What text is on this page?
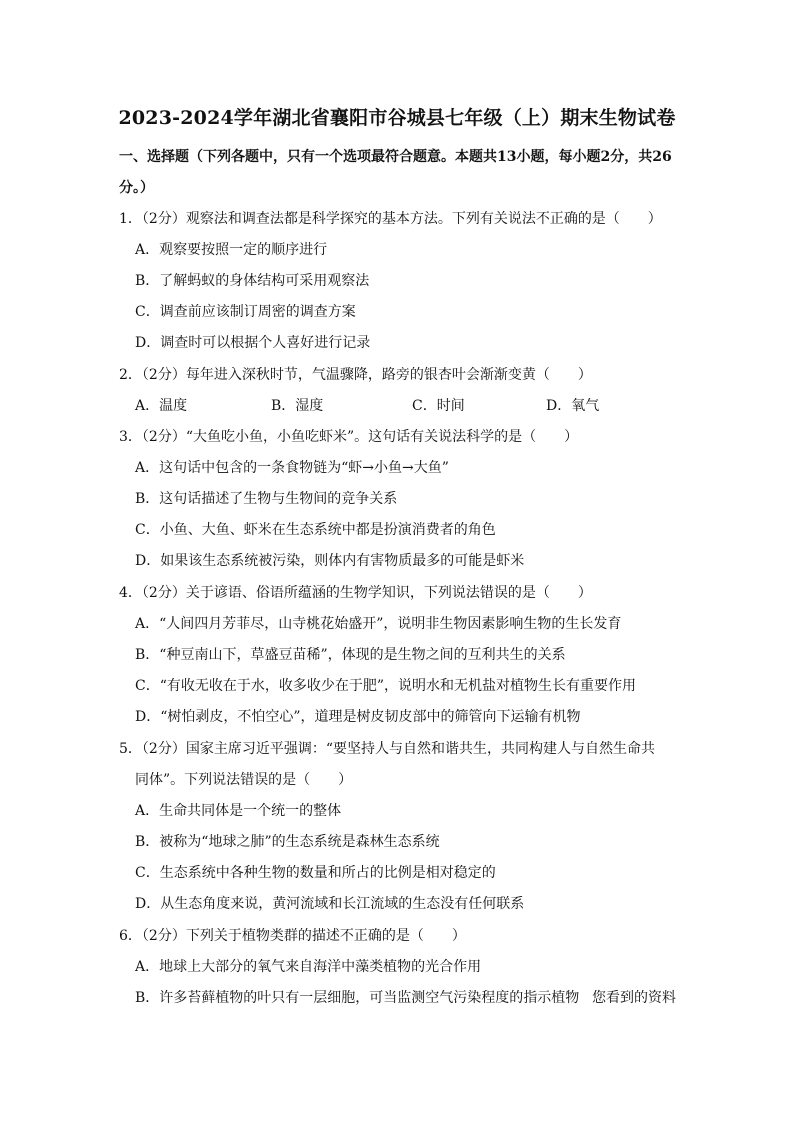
2023-2024学年湖北省襄阳市谷城县七年级（上）期末生物试卷
一、选择题（下列各题中，只有一个选项最符合题意。本题共13小题，每小题2分，共26
分。）
1．（2分）观察法和调查法都是科学探究的基本方法。下列有关说法不正确的是（　　）
A．观察要按照一定的顺序进行
B．了解蚂蚁的身体结构可采用观察法
C．调查前应该制订周密的调查方案
D．调查时可以根据个人喜好进行记录
2．（2分）每年进入深秋时节，气温骤降，路旁的银杏叶会渐渐变黄（　　）
A．温度	B．湿度	C．时间	D．氧气
3．（2分）“大鱼吃小鱼，小鱼吃虾米”。这句话有关说法科学的是（　　）
A．这句话中包含的一条食物链为“虾→小鱼→大鱼”
B．这句话描述了生物与生物间的竞争关系
C．小鱼、大鱼、虾米在生态系统中都是扮演消费者的角色
D．如果该生态系统被污染，则体内有害物质最多的可能是虾米
4．（2分）关于谚语、俗语所蕴涵的生物学知识，下列说法错误的是（　　）
A．“人间四月芳菲尽，山寺桃花始盛开”，说明非生物因素影响生物的生长发育
B．“种豆南山下，草盛豆苗稀”，体现的是生物之间的互利共生的关系
C．“有收无收在于水，收多收少在于肥”，说明水和无机盐对植物生长有重要作用
D．“树怕剥皮，不怕空心”，道理是树皮韧皮部中的筛管向下运输有机物
5．（2分）国家主席习近平强调：“要坚持人与自然和谐共生，共同构建人与自然生命共
同体”。下列说法错误的是（　　）
A．生命共同体是一个统一的整体
B．被称为“地球之肺”的生态系统是森林生态系统
C．生态系统中各种生物的数量和所占的比例是相对稳定的
D．从生态角度来说，黄河流域和长江流域的生态没有任何联系
6．（2分）下列关于植物类群的描述不正确的是（　　）
A．地球上大部分的氧气来自海洋中藻类植物的光合作用
B．许多苔藓植物的叶只有一层细胞，可当监测空气污染程度的指示植物 您看到的资料
